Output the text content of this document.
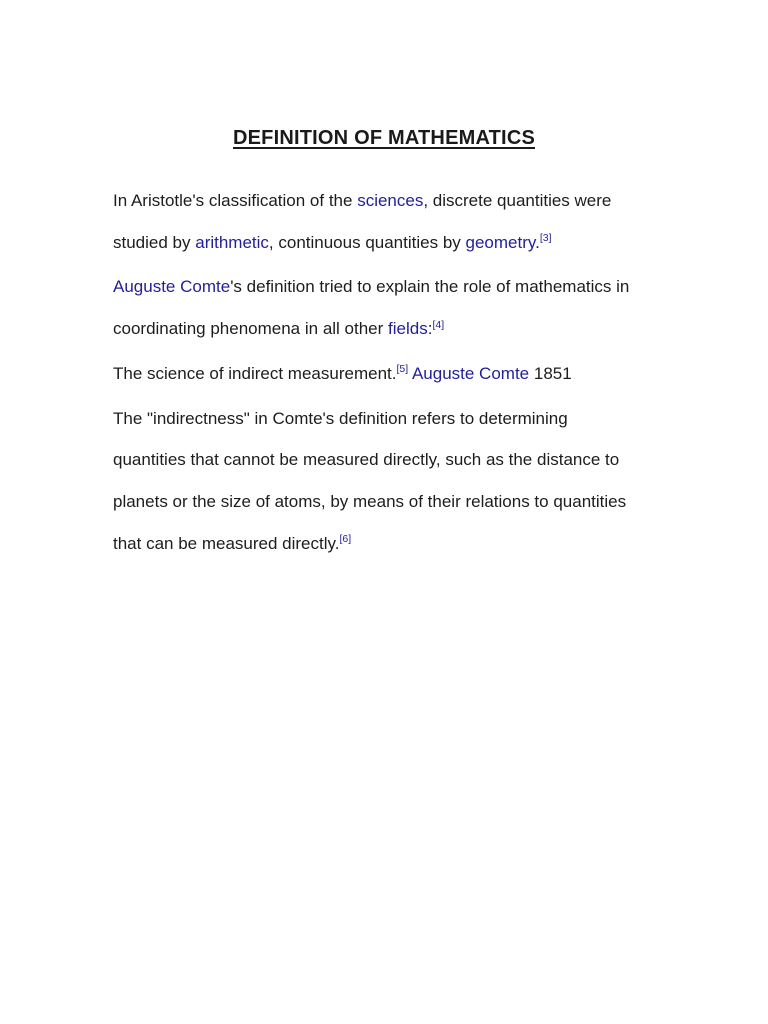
DEFINITION OF MATHEMATICS
In Aristotle's classification of the sciences, discrete quantities were
studied by arithmetic, continuous quantities by geometry.[3]
Auguste Comte's definition tried to explain the role of mathematics in
coordinating phenomena in all other fields:[4]
The science of indirect measurement.[5] Auguste Comte 1851
The "indirectness" in Comte's definition refers to determining
quantities that cannot be measured directly, such as the distance to
planets or the size of atoms, by means of their relations to quantities
that can be measured directly.[6]
